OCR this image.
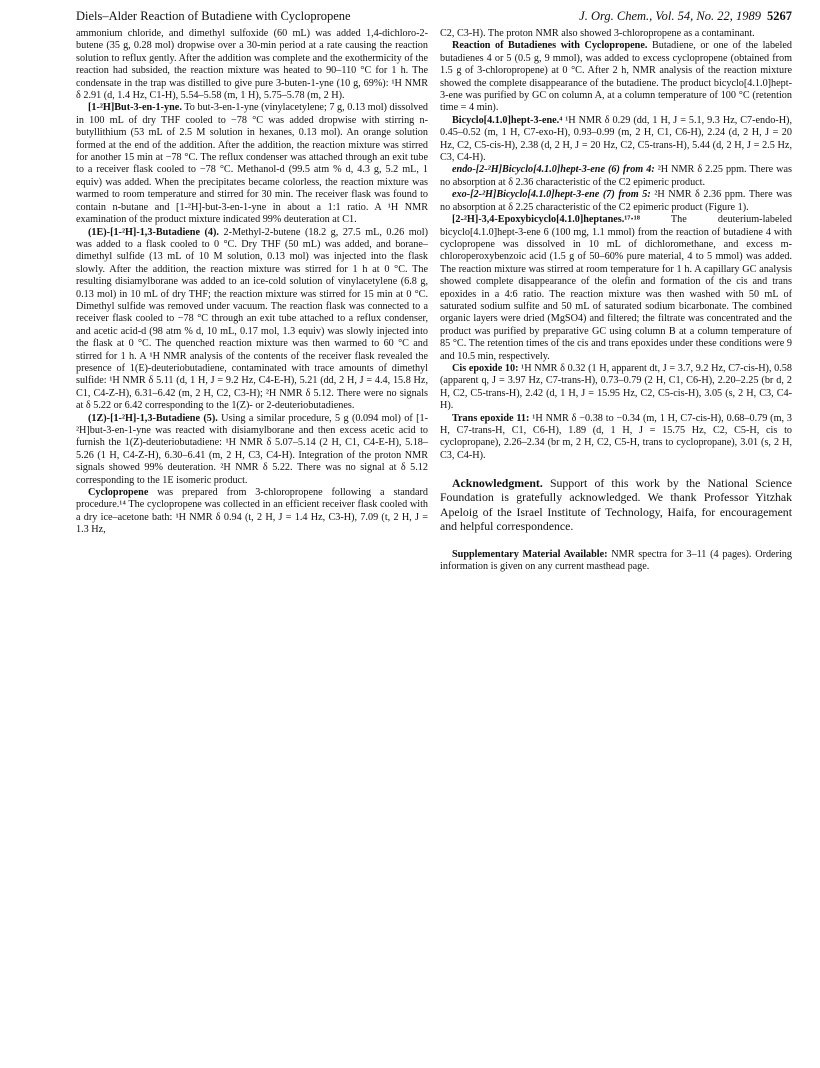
Diels–Alder Reaction of Butadiene with Cyclopropene	J. Org. Chem., Vol. 54, No. 22, 1989 5267

ammonium chloride, and dimethyl sulfoxide (60 mL) was added 1,4-dichloro-2-butene (35 g, 0.28 mol) dropwise over a 30-min period at a rate causing the reaction solution to reflux gently. After the addition was complete and the exothermicity of the reaction had subsided, the reaction mixture was heated to 90–110 °C for 1 h. The condensate in the trap was distilled to give pure 3-buten-1-yne (10 g, 69%): ¹H NMR δ 2.91 (d, 1.4 Hz, C1-H), 5.54–5.58 (m, 1 H), 5.75–5.78 (m, 2 H).

[1-²H]But-3-en-1-yne. To but-3-en-1-yne (vinylacetylene; 7 g, 0.13 mol) dissolved in 100 mL of dry THF cooled to −78 °C was added dropwise with stirring n-butyllithium (53 mL of 2.5 M solution in hexanes, 0.13 mol). An orange solution formed at the end of the addition. After the addition, the reaction mixture was stirred for another 15 min at −78 °C. The reflux condenser was attached through an exit tube to a receiver flask cooled to −78 °C. Methanol-d (99.5 atm % d, 4.3 g, 5.2 mL, 1 equiv) was added. When the precipitates became colorless, the reaction mixture was warmed to room temperature and stirred for 30 min. The receiver flask was found to contain n-butane and [1-²H]-but-3-en-1-yne in about a 1:1 ratio. A ¹H NMR examination of the product mixture indicated 99% deuteration at C1.

(1E)-[1-²H]-1,3-Butadiene (4). 2-Methyl-2-butene (18.2 g, 27.5 mL, 0.26 mol) was added to a flask cooled to 0 °C. Dry THF (50 mL) was added, and borane–dimethyl sulfide (13 mL of 10 M solution, 0.13 mol) was injected into the flask slowly. After the addition, the reaction mixture was stirred for 1 h at 0 °C. The resulting disiamylborane was added to an ice-cold solution of vinylacetylene (6.8 g, 0.13 mol) in 10 mL of dry THF; the reaction mixture was stirred for 15 min at 0 °C. Dimethyl sulfide was removed under vacuum. The reaction flask was connected to a receiver flask cooled to −78 °C through an exit tube attached to a reflux condenser, and acetic acid-d (98 atm % d, 10 mL, 0.17 mol, 1.3 equiv) was slowly injected into the flask at 0 °C. The quenched reaction mixture was then warmed to 60 °C and stirred for 1 h. A ¹H NMR analysis of the contents of the receiver flask revealed the presence of 1(E)-deuteriobutadiene, contaminated with trace amounts of dimethyl sulfide: ¹H NMR δ 5.11 (d, 1 H, J = 9.2 Hz, C4-E-H), 5.21 (dd, 2 H, J = 4.4, 15.8 Hz, C1, C4-Z-H), 6.31–6.42 (m, 2 H, C2, C3-H); ²H NMR δ 5.12. There were no signals at δ 5.22 or 6.42 corresponding to the 1(Z)- or 2-deuteriobutadienes.

(1Z)-[1-²H]-1,3-Butadiene (5). Using a similar procedure, 5 g (0.094 mol) of [1-²H]but-3-en-1-yne was reacted with disiamylborane and then excess acetic acid to furnish the 1(Z)-deuteriobutadiene: ¹H NMR δ 5.07–5.14 (2 H, C1, C4-E-H), 5.18–5.26 (1 H, C4-Z-H), 6.30–6.41 (m, 2 H, C3, C4-H). Integration of the proton NMR signals showed 99% deuteration. ²H NMR δ 5.22. There was no signal at δ 5.12 corresponding to the 1E isomeric product.

Cyclopropene was prepared from 3-chloropropene following a standard procedure.¹⁴ The cyclopropene was collected in an efficient receiver flask cooled with a dry ice–acetone bath: ¹H NMR δ 0.94 (t, 2 H, J = 1.4 Hz, C3-H), 7.09 (t, 2 H, J = 1.3 Hz,

C2, C3-H). The proton NMR also showed 3-chloropropene as a contaminant.

Reaction of Butadienes with Cyclopropene. Butadiene, or one of the labeled butadienes 4 or 5 (0.5 g, 9 mmol), was added to excess cyclopropene (obtained from 1.5 g of 3-chloropropene) at 0 °C. After 2 h, NMR analysis of the reaction mixture showed the complete disappearance of the butadiene. The product bicyclo[4.1.0]hept-3-ene was purified by GC on column A, at a column temperature of 100 °C (retention time = 4 min).

Bicyclo[4.1.0]hept-3-ene.⁴ ¹H NMR δ 0.29 (dd, 1 H, J = 5.1, 9.3 Hz, C7-endo-H), 0.45–0.52 (m, 1 H, C7-exo-H), 0.93–0.99 (m, 2 H, C1, C6-H), 2.24 (d, 2 H, J = 20 Hz, C2, C5-cis-H), 2.38 (d, 2 H, J = 20 Hz, C2, C5-trans-H), 5.44 (d, 2 H, J = 2.5 Hz, C3, C4-H).

endo-[2-²H]Bicyclo[4.1.0]hept-3-ene (6) from 4: ²H NMR δ 2.25 ppm. There was no absorption at δ 2.36 characteristic of the C2 epimeric product.

exo-[2-²H]Bicyclo[4.1.0]hept-3-ene (7) from 5: ²H NMR δ 2.36 ppm. There was no absorption at δ 2.25 characteristic of the C2 epimeric product (Figure 1).

[2-²H]-3,4-Epoxybicyclo[4.1.0]heptanes.¹⁷·¹⁸	The deuterium-labeled bicyclo[4.1.0]hept-3-ene 6 (100 mg, 1.1 mmol) from the reaction of butadiene 4 with cyclopropene was dissolved in 10 mL of dichloromethane, and excess m-chloroperoxybenzoic acid (1.5 g of 50–60% pure material, 4 to 5 mmol) was added. The reaction mixture was stirred at room temperature for 1 h. A capillary GC analysis showed complete disappearance of the olefin and formation of the cis and trans epoxides in a 4:6 ratio. The reaction mixture was then washed with 50 mL of saturated sodium sulfite and 50 mL of saturated sodium bicarbonate. The combined organic layers were dried (MgSO4) and filtered; the filtrate was concentrated and the product was purified by preparative GC using column B at a column temperature of 85 °C. The retention times of the cis and trans epoxides under these conditions were 9 and 10.5 min, respectively.

Cis epoxide 10: ¹H NMR δ 0.32 (1 H, apparent dt, J = 3.7, 9.2 Hz, C7-cis-H), 0.58 (apparent q, J = 3.97 Hz, C7-trans-H), 0.73–0.79 (2 H, C1, C6-H), 2.20–2.25 (br d, 2 H, C2, C5-trans-H), 2.42 (d, 1 H, J = 15.95 Hz, C2, C5-cis-H), 3.05 (s, 2 H, C3, C4-H).

Trans epoxide 11: ¹H NMR δ −0.38 to −0.34 (m, 1 H, C7-cis-H), 0.68–0.79 (m, 3 H, C7-trans-H, C1, C6-H), 1.89 (d, 1 H, J = 15.75 Hz, C2, C5-H, cis to cyclopropane), 2.26–2.34 (br m, 2 H, C2, C5-H, trans to cyclopropane), 3.01 (s, 2 H, C3, C4-H).

Acknowledgment. Support of this work by the National Science Foundation is gratefully acknowledged. We thank Professor Yitzhak Apeloig of the Israel Institute of Technology, Haifa, for encouragement and helpful correspondence.

Supplementary Material Available: NMR spectra for 3–11 (4 pages). Ordering information is given on any current masthead page.
